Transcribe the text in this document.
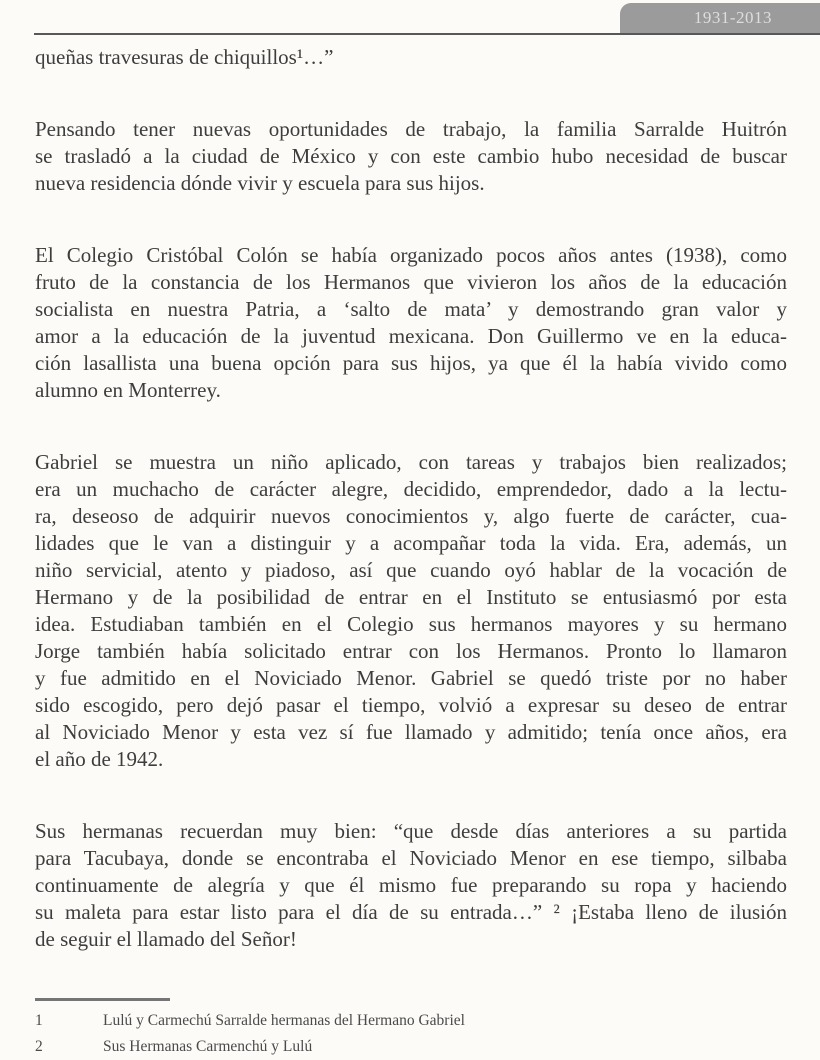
1931-2013
queñas travesuras de chiquillos¹…”
Pensando tener nuevas oportunidades de trabajo, la familia Sarralde Huitrón
se trasladó a la ciudad de México y con este cambio hubo necesidad de buscar
nueva residencia dónde vivir y escuela para sus hijos.
El Colegio Cristóbal Colón se había organizado pocos años antes (1938), como
fruto de la constancia de los Hermanos que vivieron los años de la educación
socialista en nuestra Patria, a ‘salto de mata’ y demostrando gran valor y
amor a la educación de la juventud mexicana. Don Guillermo ve en la educa-
ción lasallista una buena opción para sus hijos, ya que él la había vivido como
alumno en Monterrey.
Gabriel se muestra un niño aplicado, con tareas y trabajos bien realizados;
era un muchacho de carácter alegre, decidido, emprendedor, dado a la lectu-
ra, deseoso de adquirir nuevos conocimientos y, algo fuerte de carácter, cua-
lidades que le van a distinguir y a acompañar toda la vida. Era, además, un
niño servicial, atento y piadoso, así que cuando oyó hablar de la vocación de
Hermano y de la posibilidad de entrar en el Instituto se entusiasmó por esta
idea. Estudiaban también en el Colegio sus hermanos mayores y su hermano
Jorge también había solicitado entrar con los Hermanos. Pronto lo llamaron
y fue admitido en el Noviciado Menor. Gabriel se quedó triste por no haber
sido escogido, pero dejó pasar el tiempo, volvió a expresar su deseo de entrar
al Noviciado Menor y esta vez sí fue llamado y admitido; tenía once años, era
el año de 1942.
Sus hermanas recuerdan muy bien: “que desde días anteriores a su partida
para Tacubaya, donde se encontraba el Noviciado Menor en ese tiempo, silbaba
continuamente de alegría y que él mismo fue preparando su ropa y haciendo
su maleta para estar listo para el día de su entrada…” ² ¡Estaba lleno de ilusión
de seguir el llamado del Señor!
1	Lulú y Carmechú Sarralde hermanas del Hermano Gabriel
2	Sus Hermanas Carmenchú y Lulú
